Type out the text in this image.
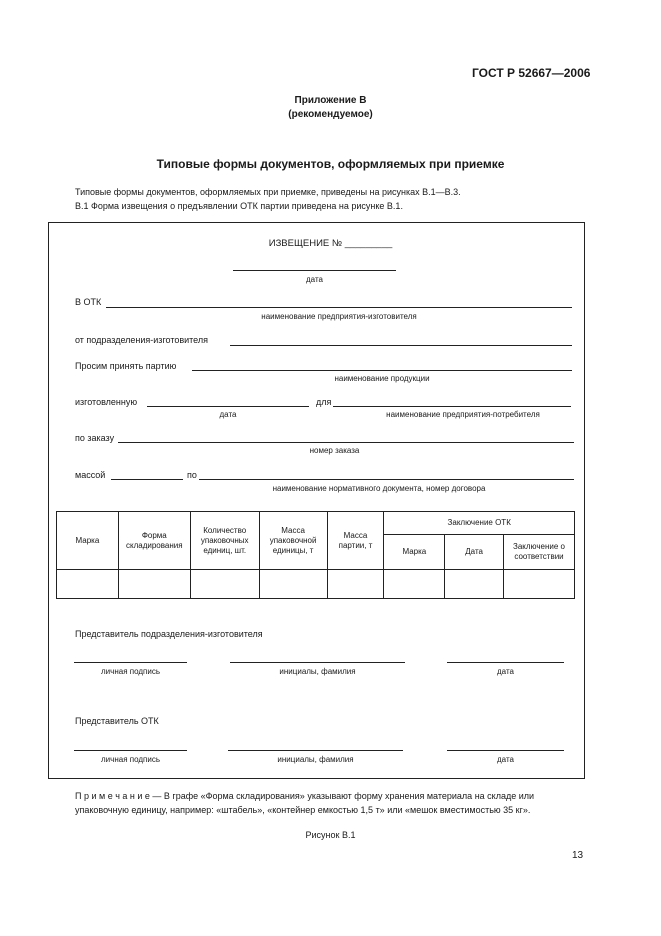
ГОСТ Р 52667—2006
Приложение В
(рекомендуемое)
Типовые формы документов, оформляемых при приемке
Типовые формы документов, оформляемых при приемке, приведены на рисунках В.1—В.3.
В.1 Форма извещения о предъявлении ОТК партии приведена на рисунке В.1.
ИЗВЕЩЕНИЕ № _________
дата
В ОТК
наименование предприятия-изготовителя
от подразделения-изготовителя
Просим принять партию
наименование продукции
изготовленную
дата
для
наименование предприятия-потребителя
по заказу
номер заказа
массой	по
наименование нормативного документа, номер договора
Марка	Форма складирования	Количество упаковочных единиц, шт.	Масса упаковочной единицы, т	Масса партии, т	Заключение ОТК		
					Марка	Дата	Заключение о соответствии

Представитель подразделения-изготовителя
личная подпись	инициалы, фамилия	дата
Представитель ОТК
личная подпись	инициалы, фамилия	дата
П р и м е ч а н и е — В графе «Форма складирования» указывают форму хранения материала на складе или
упаковочную единицу, например: «штабель», «контейнер емкостью 1,5 т» или «мешок вместимостью 35 кг».
Рисунок В.1
13
